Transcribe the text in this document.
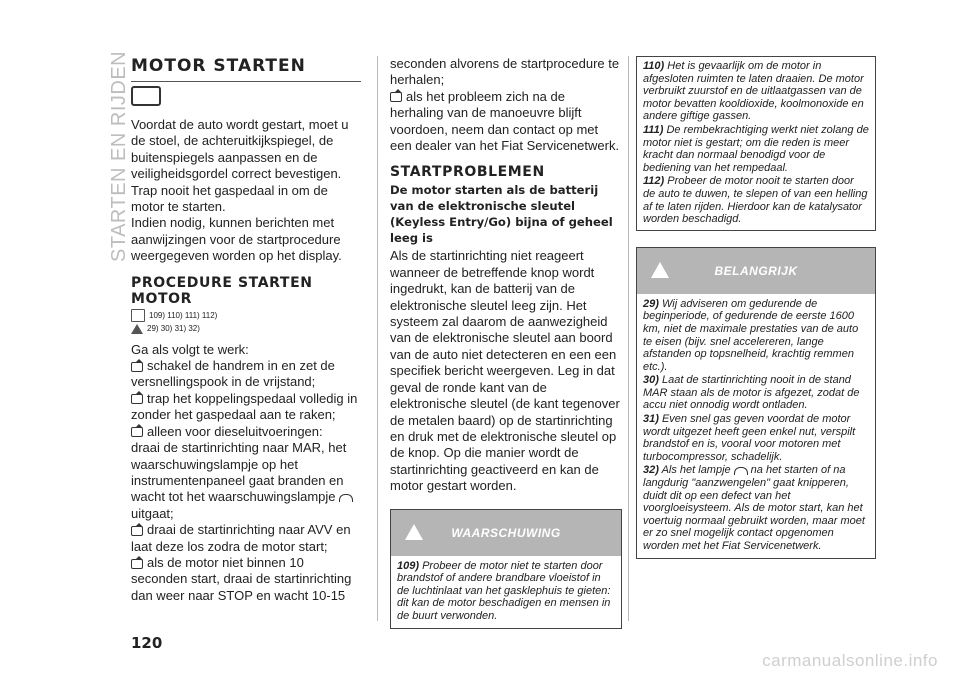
STARTEN EN RIJDEN MOTOR STARTEN

Voordat de auto wordt gestart, moet u de stoel, de achteruitkijkspiegel, de buitenspiegels aanpassen en de veiligheidsgordel correct bevestigen.

Trap nooit het gaspedaal in om de motor te starten.

Indien nodig, kunnen berichten met aanwijzingen voor de startprocedure weergegeven worden op het display.

PROCEDURE STARTEN MOTOR
109) 110) 111) 112)
29) 30) 31) 32)

Ga als volgt te werk:

schakel de handrem in en zet de versnellingspook in de vrijstand;

trap het koppelingspedaal volledig in zonder het gaspedaal aan te raken;

alleen voor dieseluitvoeringen:

draai de startinrichting naar MAR, het waarschuwingslampje op het instrumentenpaneel gaat branden en wacht tot het waarschuwingslampje

uitgaat;

draai de startinrichting naar AVV en laat deze los zodra de motor start;

als de motor niet binnen 10 seconden start, draai de startinrichting dan weer naar STOP en wacht 10-15

seconden alvorens de startprocedure te herhalen;

als het probleem zich na de herhaling van de manoeuvre blijft voordoen, neem dan contact op met een dealer van het Fiat Servicenetwerk.

STARTPROBLEMEN
De motor starten als de batterij van de elektronische sleutel (Keyless Entry/Go) bijna of geheel leeg is

Als de startinrichting niet reageert wanneer de betreffende knop wordt ingedrukt, kan de batterij van de elektronische sleutel leeg zijn. Het systeem zal daarom de aanwezigheid van de elektronische sleutel aan boord van de auto niet detecteren en een een specifiek bericht weergeven. Leg in dat geval de ronde kant van de elektronische sleutel (de kant tegenover de metalen baard) op de startinrichting en druk met de elektronische sleutel op de knop. Op die manier wordt de startinrichting geactiveerd en kan de motor gestart worden.

WAARSCHUWING

109) Probeer de motor niet te starten door brandstof of andere brandbare vloeistof in de luchtinlaat van het gasklephuis te gieten: dit kan de motor beschadigen en mensen in de buurt verwonden.

110) Het is gevaarlijk om de motor in afgesloten ruimten te laten draaien. De motor verbruikt zuurstof en de uitlaatgassen van de motor bevatten kooldioxide, koolmonoxide en andere giftige gassen.

111) De rembekrachtiging werkt niet zolang de motor niet is gestart; om die reden is meer kracht dan normaal benodigd voor de bediening van het rempedaal.

112) Probeer de motor nooit te starten door de auto te duwen, te slepen of van een helling af te laten rijden. Hierdoor kan de katalysator worden beschadigd.

BELANGRIJK

29) Wij adviseren om gedurende de beginperiode, of gedurende de eerste 1600 km, niet de maximale prestaties van de auto te eisen (bijv. snel accelereren, lange afstanden op topsnelheid, krachtig remmen etc.).

30) Laat de startinrichting nooit in de stand MAR staan als de motor is afgezet, zodat de accu niet onnodig wordt ontladen.

31) Even snel gas geven voordat de motor wordt uitgezet heeft geen enkel nut, verspilt brandstof en is, vooral voor motoren met turbocompressor, schadelijk.

32) Als het lampje na het starten of na langdurig "aanzwengelen" gaat knipperen, duidt dit op een defect van het voorgloeisysteem. Als de motor start, kan het voertuig normaal gebruikt worden, maar moet er zo snel mogelijk contact opgenomen worden met het Fiat Servicenetwerk.

120
carmanualsonline.info
